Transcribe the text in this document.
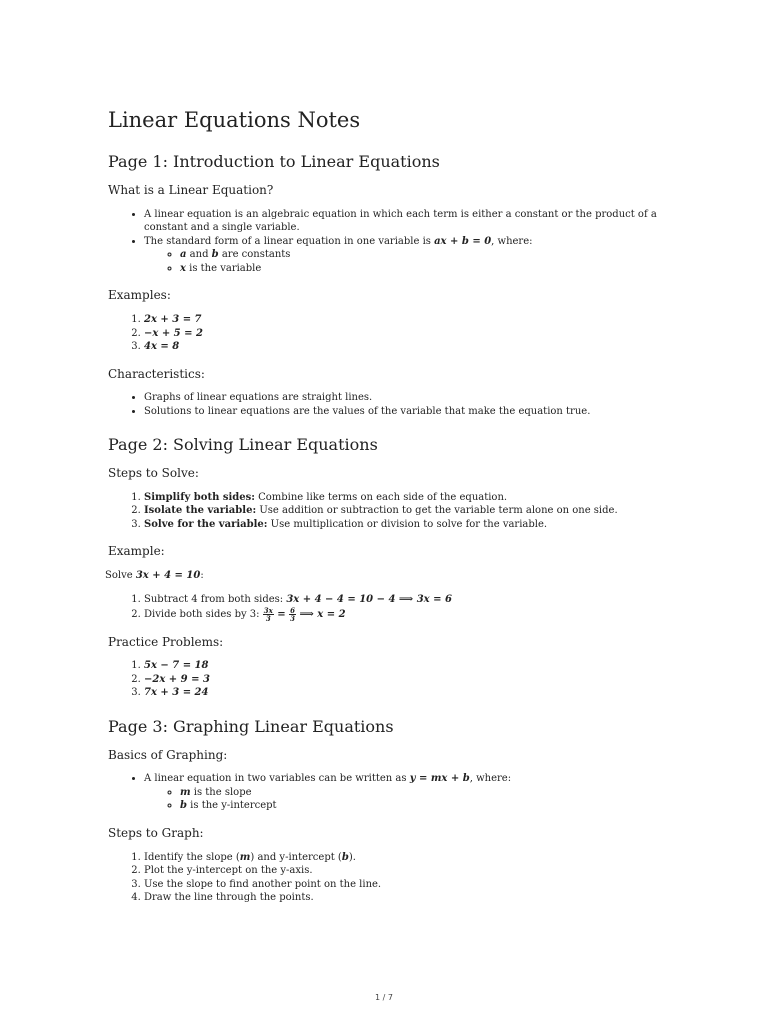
Linear Equations Notes
Page 1: Introduction to Linear Equations
What is a Linear Equation?
• A linear equation is an algebraic equation in which each term is either a constant or the product of a constant and a single variable.
• The standard form of a linear equation in one variable is ax + b = 0, where:
◦ a and b are constants
◦ x is the variable
Examples:
1. 2x + 3 = 7
2. −x + 5 = 2
3. 4x = 8
Characteristics:
• Graphs of linear equations are straight lines.
• Solutions to linear equations are the values of the variable that make the equation true.
Page 2: Solving Linear Equations
Steps to Solve:
1. Simplify both sides: Combine like terms on each side of the equation.
2. Isolate the variable: Use addition or subtraction to get the variable term alone on one side.
3. Solve for the variable: Use multiplication or division to solve for the variable.
Example:
Solve 3x + 4 = 10:
1. Subtract 4 from both sides: 3x + 4 − 4 = 10 − 4 ⟹ 3x = 6
2. Divide both sides by 3: $\frac{3x}{3} = \frac{6}{3}$ ⟹ x = 2
Practice Problems:
1. 5x − 7 = 18
2. −2x + 9 = 3
3. 7x + 3 = 24
Page 3: Graphing Linear Equations
Basics of Graphing:
• A linear equation in two variables can be written as y = mx + b, where:
◦ m is the slope
◦ b is the y-intercept
Steps to Graph:
1. Identify the slope (m) and y-intercept (b).
2. Plot the y-intercept on the y-axis.
3. Use the slope to find another point on the line.
4. Draw the line through the points.
1 / 7
